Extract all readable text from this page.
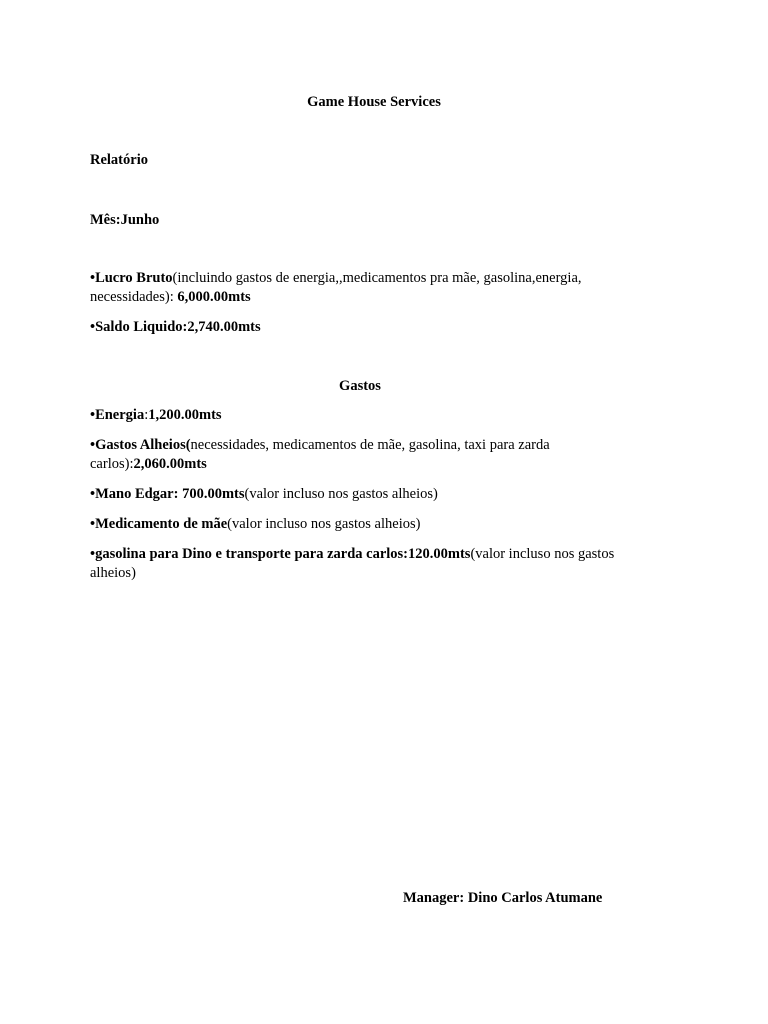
Game House Services

Relatório

Mês:Junho

•Lucro Bruto(incluindo gastos de energia,,medicamentos pra mãe, gasolina,energia, necessidades): 6,000.00mts

•Saldo Liquido:2,740.00mts

Gastos

•Energia:1,200.00mts

•Gastos Alheios(necessidades, medicamentos de mãe, gasolina, taxi para zarda carlos):2,060.00mts

•Mano Edgar: 700.00mts(valor incluso nos gastos alheios)

•Medicamento de mãe(valor incluso nos gastos alheios)

•gasolina para Dino e transporte para zarda carlos:120.00mts(valor incluso nos gastos alheios)

Manager: Dino Carlos Atumane
